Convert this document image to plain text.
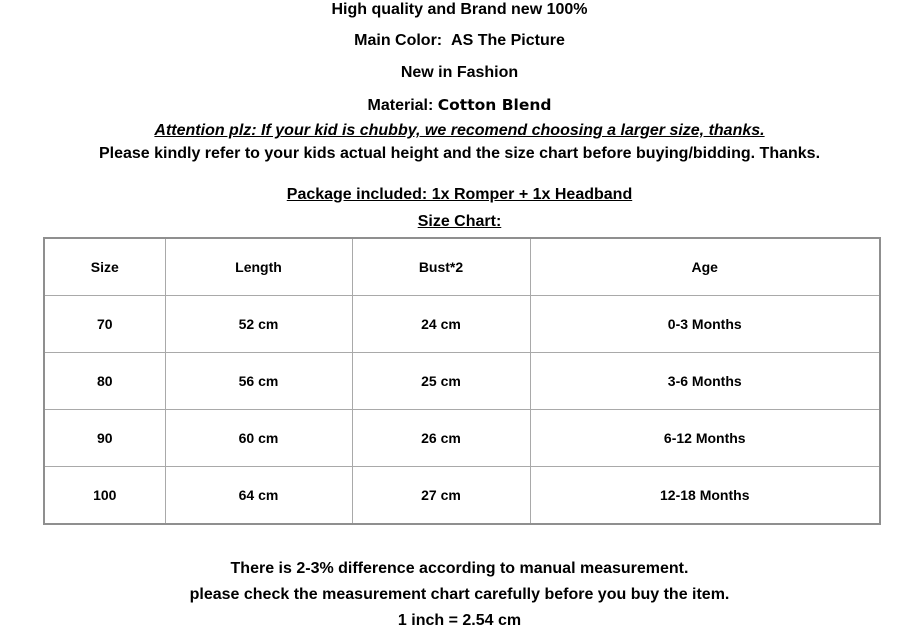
High quality and Brand new 100%
Main Color: AS The Picture
New in Fashion
Material: Cotton Blend
Attention plz: If your kid is chubby, we recomend choosing a larger size, thanks.
Please kindly refer to your kids actual height and the size chart before buying/bidding. Thanks.
Package included: 1x Romper + 1x Headband
Size Chart:
Size	Length	Bust*2	Age
70	52 cm	24 cm	0-3 Months
80	56 cm	25 cm	3-6 Months
90	60 cm	26 cm	6-12 Months
100	64 cm	27 cm	12-18 Months
There is 2-3% difference according to manual measurement.
please check the measurement chart carefully before you buy the item.
1 inch = 2.54 cm
